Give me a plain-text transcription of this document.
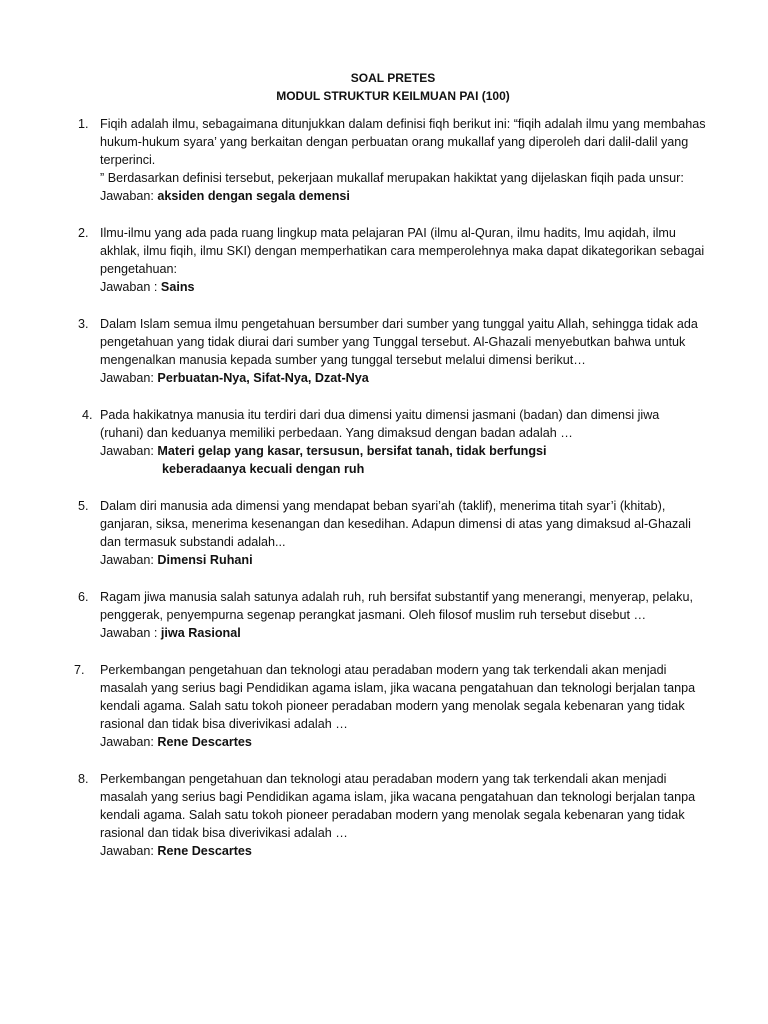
SOAL PRETES
MODUL STRUKTUR KEILMUAN PAI (100)
1. Fiqih adalah ilmu, sebagaimana ditunjukkan dalam definisi fiqh berikut ini: “fiqih adalah ilmu yang membahas hukum-hukum syara’ yang berkaitan dengan perbuatan orang mukallaf yang diperoleh dari dalil-dalil yang terperinci.
” Berdasarkan definisi tersebut, pekerjaan mukallaf merupakan hakiktat yang dijelaskan fiqih pada unsur:
Jawaban: aksiden dengan segala demensi
2. Ilmu-ilmu yang ada pada ruang lingkup mata pelajaran PAI (ilmu al-Quran, ilmu hadits, lmu aqidah, ilmu akhlak, ilmu fiqih, ilmu SKI) dengan memperhatikan cara memperolehnya maka dapat dikategorikan sebagai pengetahuan:
Jawaban : Sains
3. Dalam Islam semua ilmu pengetahuan bersumber dari sumber yang tunggal yaitu Allah, sehingga tidak ada pengetahuan yang tidak diurai dari sumber yang Tunggal tersebut. Al-Ghazali menyebutkan bahwa untuk mengenalkan manusia kepada sumber yang tunggal tersebut melalui dimensi berikut…
Jawaban: Perbuatan-Nya, Sifat-Nya, Dzat-Nya
4. Pada hakikatnya manusia itu terdiri dari dua dimensi yaitu dimensi jasmani (badan) dan dimensi jiwa (ruhani) dan keduanya memiliki perbedaan. Yang dimaksud dengan badan adalah …
Jawaban: Materi gelap yang kasar, tersusun, bersifat tanah, tidak berfungsi
keberadaanya kecuali dengan ruh
5. Dalam diri manusia ada dimensi yang mendapat beban syari’ah (taklif), menerima titah syar’i (khitab), ganjaran, siksa, menerima kesenangan dan kesedihan. Adapun dimensi di atas yang dimaksud al-Ghazali dan termasuk substandi adalah...
Jawaban: Dimensi Ruhani
6. Ragam jiwa manusia salah satunya adalah ruh, ruh bersifat substantif yang menerangi, menyerap, pelaku, penggerak, penyempurna segenap perangkat jasmani. Oleh filosof muslim ruh tersebut disebut …
Jawaban : jiwa Rasional
7. Perkembangan pengetahuan dan teknologi atau peradaban modern yang tak terkendali akan menjadi masalah yang serius bagi Pendidikan agama islam, jika wacana pengatahuan dan teknologi berjalan tanpa kendali agama. Salah satu tokoh pioneer peradaban modern yang menolak segala kebenaran yang tidak rasional dan tidak bisa diverivikasi adalah …
Jawaban: Rene Descartes
8. Perkembangan pengetahuan dan teknologi atau peradaban modern yang tak terkendali akan menjadi masalah yang serius bagi Pendidikan agama islam, jika wacana pengatahuan dan teknologi berjalan tanpa kendali agama. Salah satu tokoh pioneer peradaban modern yang menolak segala kebenaran yang tidak rasional dan tidak bisa diverivikasi adalah …
Jawaban: Rene Descartes
